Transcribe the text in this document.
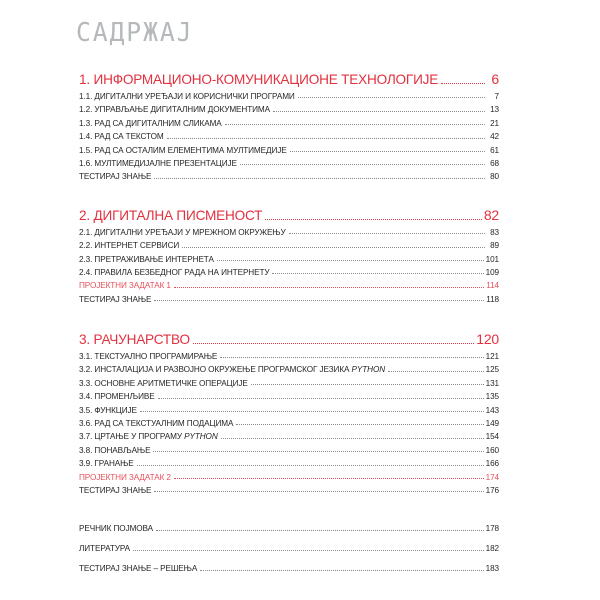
САДРЖАЈ
1. ИНФОРМАЦИОНО-КОМУНИКАЦИОНЕ ТЕХНОЛОГИЈЕ	6
1.1. ДИГИТАЛНИ УРЕЂАЈИ И КОРИСНИЧКИ ПРОГРАМИ	7
1.2. УПРАВЉАЊЕ ДИГИТАЛНИМ ДОКУМЕНТИМА	13
1.3. РАД СА ДИГИТАЛНИМ СЛИКАМА	21
1.4. РАД СА ТЕКСТОМ	42
1.5. РАД СА ОСТАЛИМ ЕЛЕМЕНТИМА МУЛТИМЕДИЈЕ	61
1.6. МУЛТИМЕДИЈАЛНЕ ПРЕЗЕНТАЦИЈЕ	68
ТЕСТИРАЈ ЗНАЊЕ	80
2. ДИГИТАЛНА ПИСМЕНОСТ	82
2.1. ДИГИТАЛНИ УРЕЂАЈИ У МРЕЖНОМ ОКРУЖЕЊУ	83
2.2. ИНТЕРНЕТ СЕРВИСИ	89
2.3. ПРЕТРАЖИВАЊЕ ИНТЕРНЕТА	101
2.4. ПРАВИЛА БЕЗБЕДНОГ РАДА НА ИНТЕРНЕТУ	109
ПРОЈЕКТНИ ЗАДАТАК 1	114
ТЕСТИРАЈ ЗНАЊЕ	118
3. РАЧУНАРСТВО	120
3.1. ТЕКСТУАЛНО ПРОГРАМИРАЊЕ	121
3.2. ИНСТАЛАЦИЈА И РАЗВОЈНО ОКРУЖЕЊЕ ПРОГРАМСКОГ ЈЕЗИКА PYTHON	125
3.3. ОСНОВНЕ АРИТМЕТИЧКЕ ОПЕРАЦИЈЕ	131
3.4. ПРОМЕНЉИВЕ	135
3.5. ФУНКЦИЈЕ	143
3.6. РАД СА ТЕКСТУАЛНИМ ПОДАЦИМА	149
3.7. ЦРТАЊЕ У ПРОГРАМУ PYTHON	154
3.8. ПОНАВЉАЊЕ	160
3.9. ГРАНАЊЕ	166
ПРОЈЕКТНИ ЗАДАТАК 2	174
ТЕСТИРАЈ ЗНАЊЕ	176
РЕЧНИК ПОЈМОВА	178
ЛИТЕРАТУРА	182
ТЕСТИРАЈ ЗНАЊЕ – РЕШЕЊА	183
